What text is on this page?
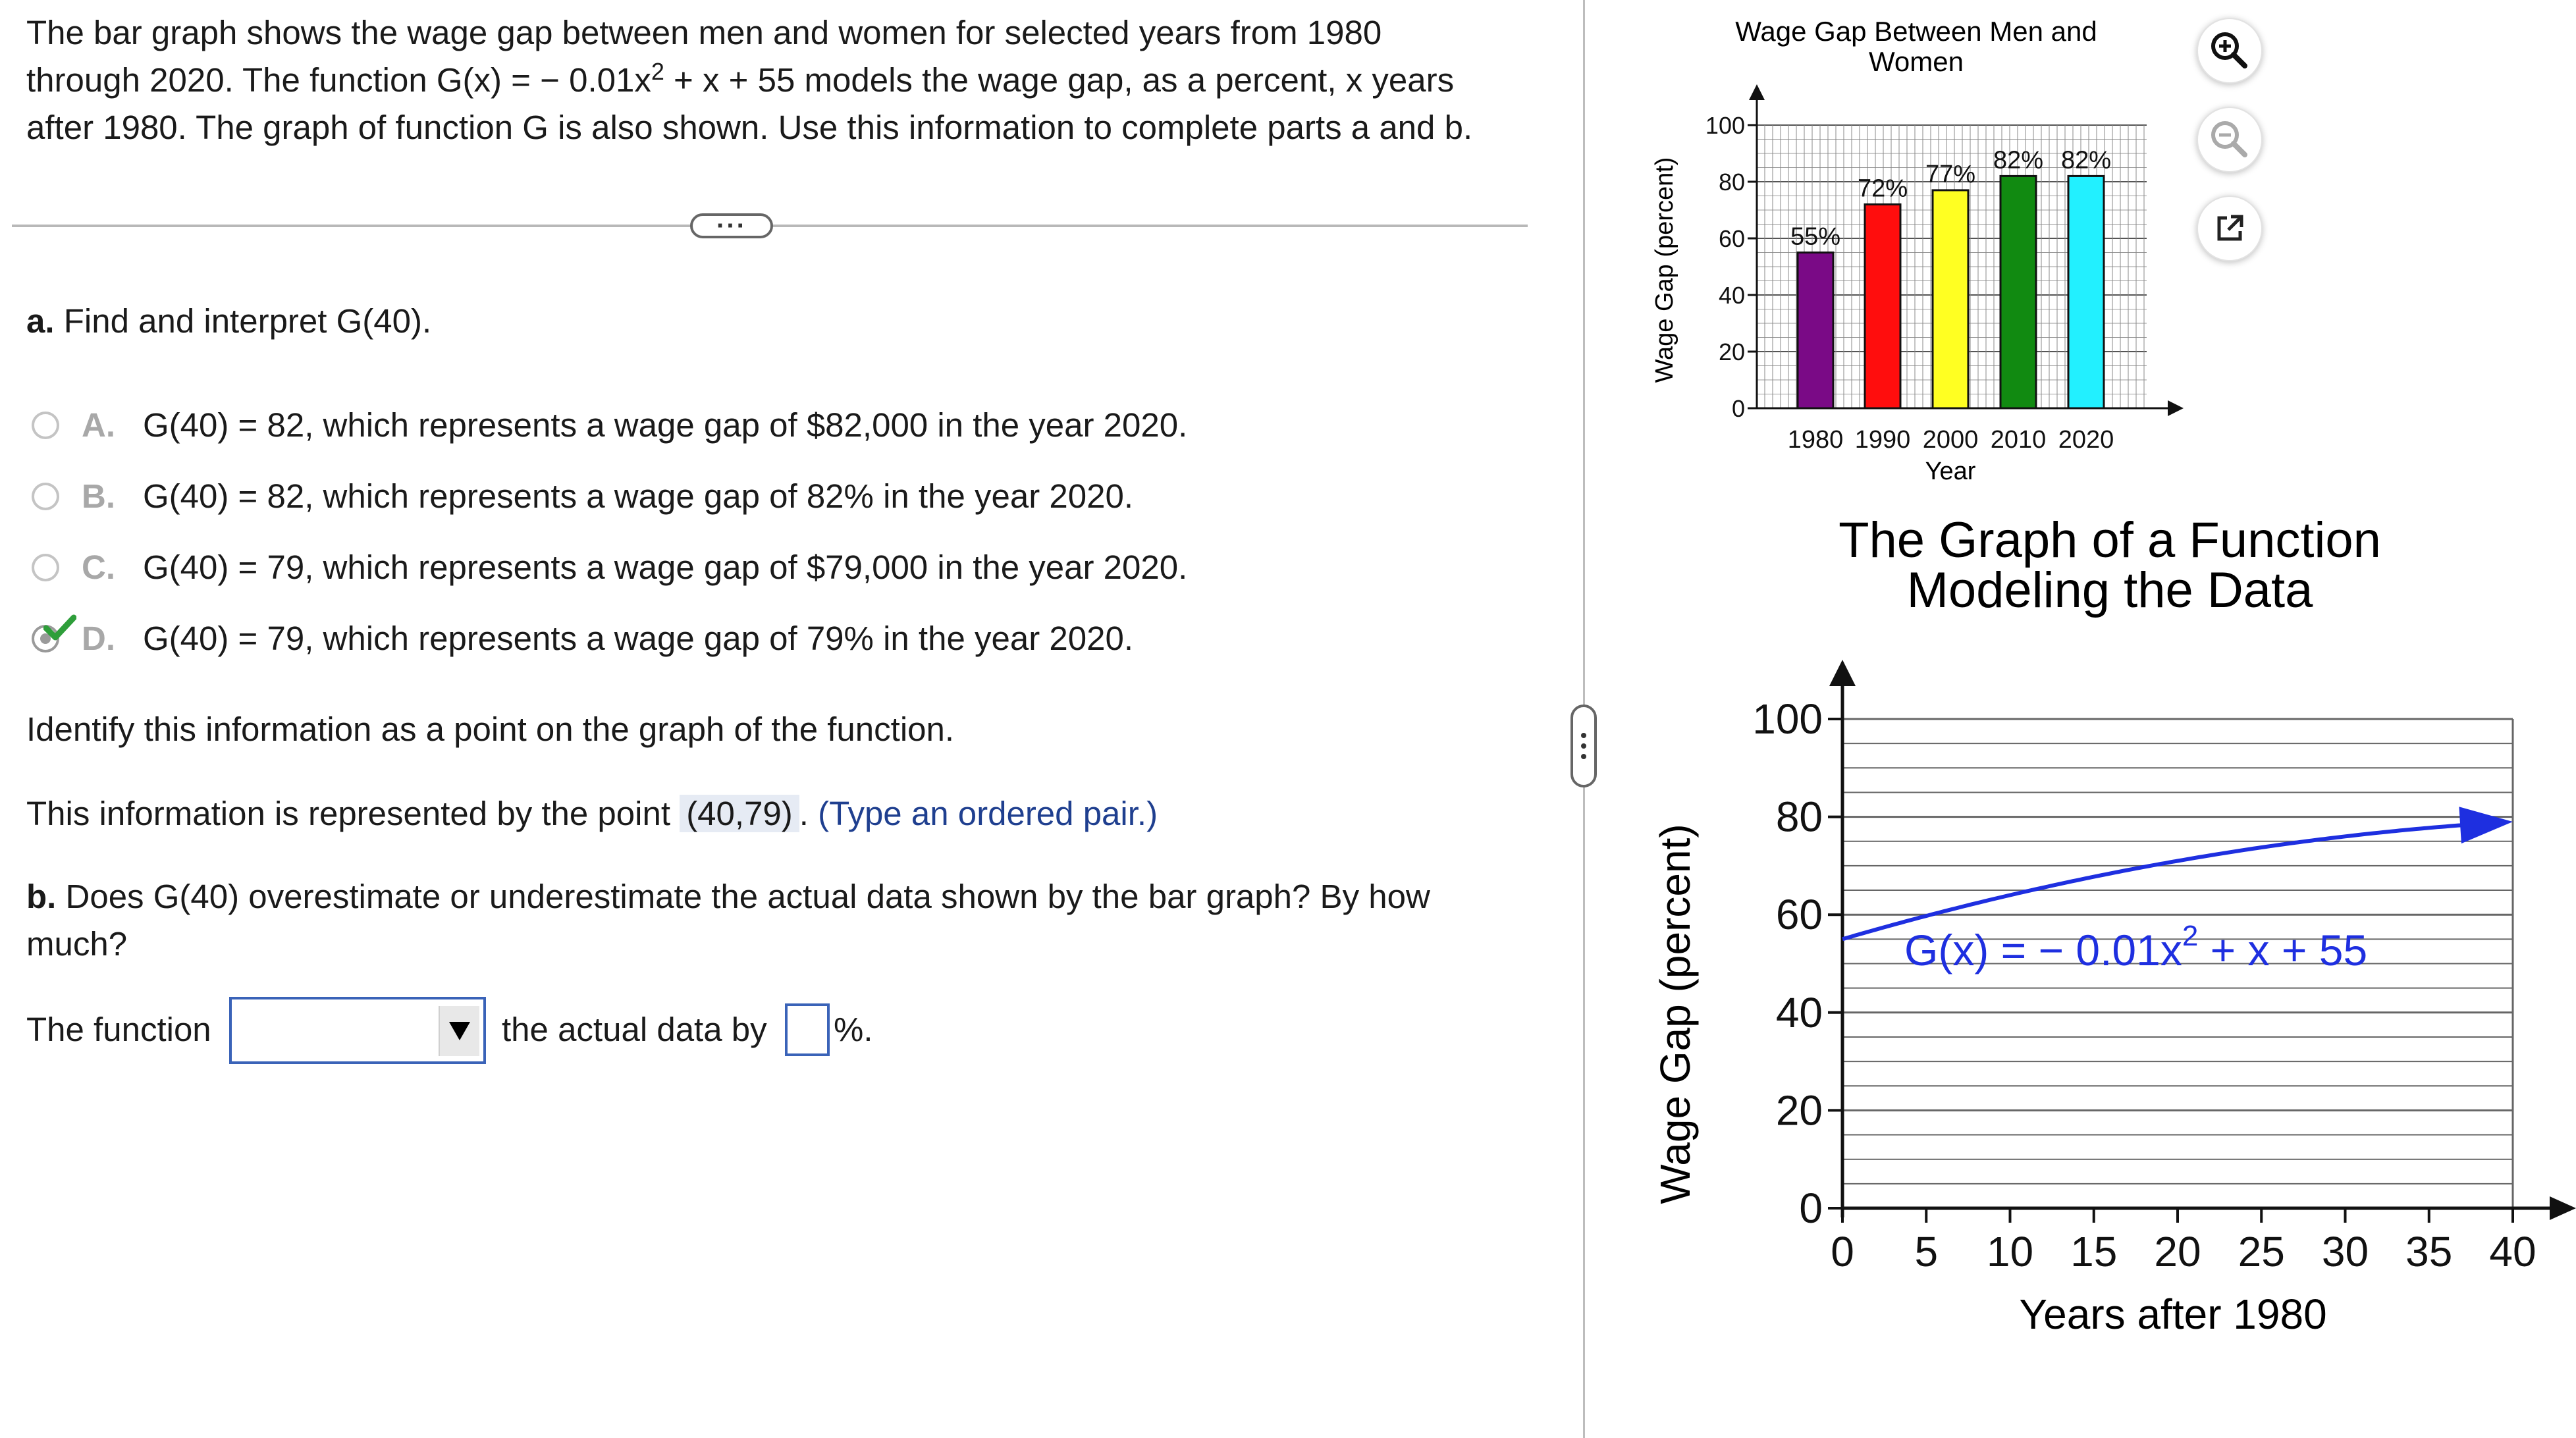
The bar graph shows the wage gap between men and women for selected years from 1980
through 2020. The function G(x) = − $0.01x^2 + x + 55$ models the wage gap, as a percent, x years
after 1980. The graph of function G is also shown. Use this information to complete parts a and b.
···
a. Find and interpret G(40).
A. G(40) = 82, which represents a wage gap of $82,000 in the year 2020.
B. G(40) = 82, which represents a wage gap of 82% in the year 2020.
C. G(40) = 79, which represents a wage gap of $79,000 in the year 2020.
D. G(40) = 79, which represents a wage gap of 79% in the year 2020.
Identify this information as a point on the graph of the function.
This information is represented by the point (40,79) . (Type an ordered pair.)
b. Does G(40) overestimate or underestimate the actual data shown by the bar graph? By how
much?
The function	the actual data by %.
Wage Gap Between Men and
Women
Wage Gap (percent)
Year
55%
1980
72%
1990
77%
2000
82%
2010
82%
2020
0
20
40
60
80
100
The Graph of a Function
Modeling the Data
Wage Gap (percent)
Years after 1980
0 5 10 15 20 25 30 35 40
0
20
40
60
80
100
G(x) = − $0.01x^2 + x + 55$
